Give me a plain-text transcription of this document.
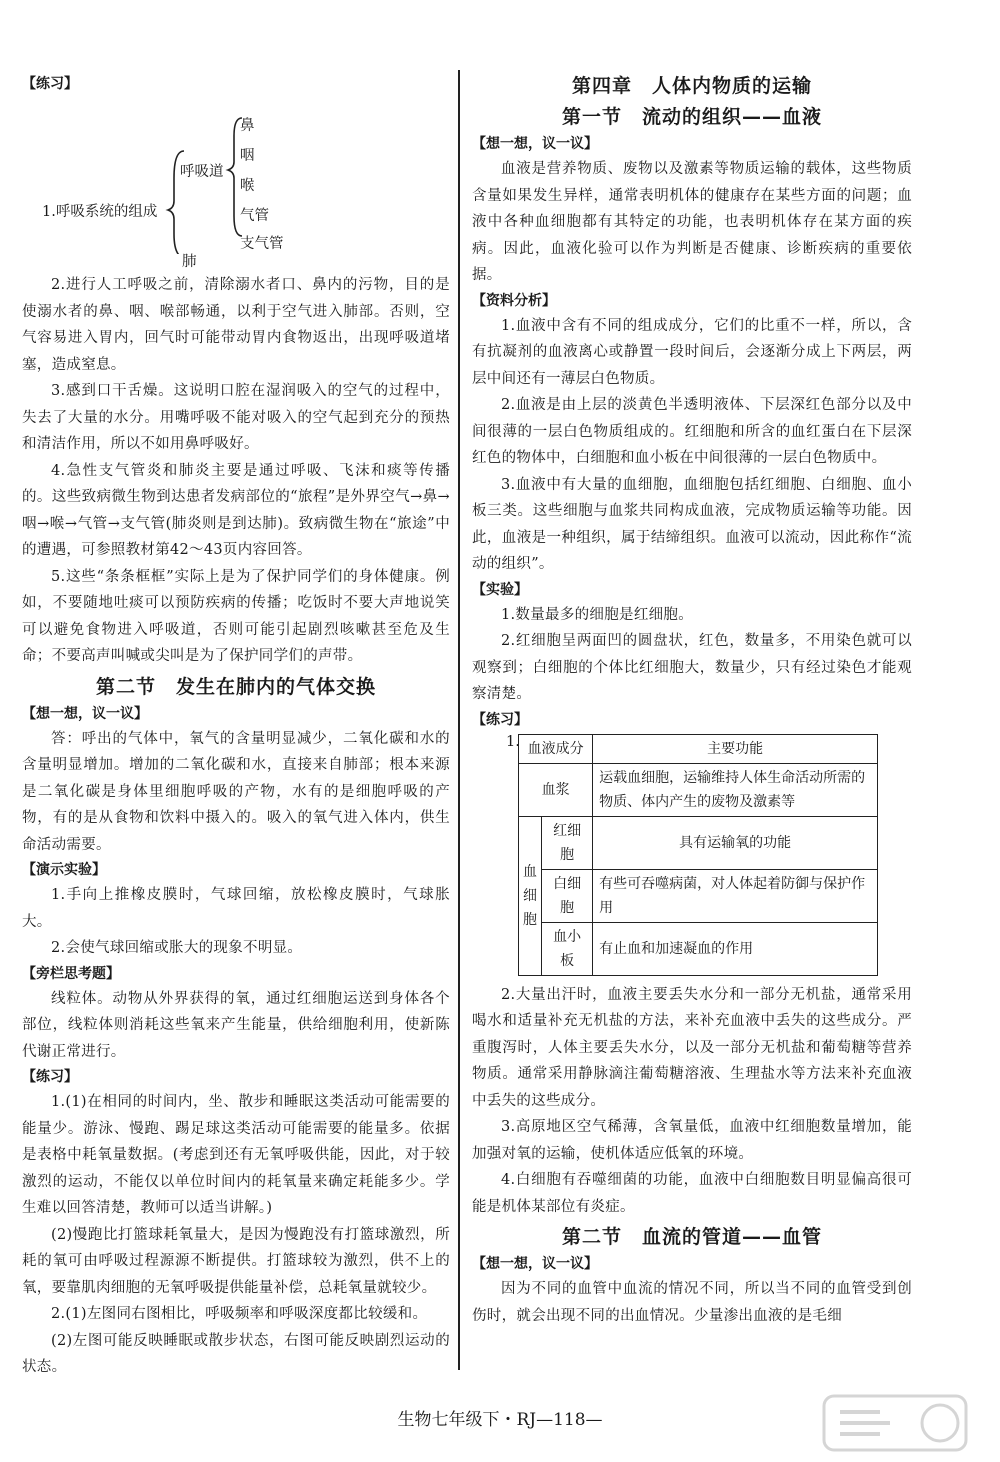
【练习】
鼻
咽
喉
气管
支气管
呼吸道
1.呼吸系统的组成
肺

2.进行人工呼吸之前，清除溺水者口、鼻内的污物，目的是使溺水者的鼻、咽、喉部畅通，以利于空气进入肺部。否则，空气容易进入胃内，回气时可能带动胃内食物返出，出现呼吸道堵塞，造成窒息。

3.感到口干舌燥。这说明口腔在湿润吸入的空气的过程中，失去了大量的水分。用嘴呼吸不能对吸入的空气起到充分的预热和清洁作用，所以不如用鼻呼吸好。

4.急性支气管炎和肺炎主要是通过呼吸、飞沫和痰等传播的。这些致病微生物到达患者发病部位的“旅程”是外界空气→鼻→咽→喉→气管→支气管(肺炎则是到达肺)。致病微生物在“旅途”中的遭遇，可参照教材第42～43页内容回答。

5.这些“条条框框”实际上是为了保护同学们的身体健康。例如，不要随地吐痰可以预防疾病的传播；吃饭时不要大声地说笑可以避免食物进入呼吸道，否则可能引起剧烈咳嗽甚至危及生命；不要高声叫喊或尖叫是为了保护同学们的声带。

第二节　发生在肺内的气体交换
【想一想，议一议】

答：呼出的气体中，氧气的含量明显减少，二氧化碳和水的含量明显增加。增加的二氧化碳和水，直接来自肺部；根本来源是二氧化碳是身体里细胞呼吸的产物，水有的是细胞呼吸的产物，有的是从食物和饮料中摄入的。吸入的氧气进入体内，供生命活动需要。

【演示实验】

1.手向上推橡皮膜时，气球回缩，放松橡皮膜时，气球胀大。

2.会使气球回缩或胀大的现象不明显。

【旁栏思考题】

线粒体。动物从外界获得的氧，通过红细胞运送到身体各个部位，线粒体则消耗这些氧来产生能量，供给细胞利用，使新陈代谢正常进行。

【练习】

1.(1)在相同的时间内，坐、散步和睡眠这类活动可能需要的能量少。游泳、慢跑、踢足球这类活动可能需要的能量多。依据是表格中耗氧量数据。(考虑到还有无氧呼吸供能，因此，对于较激烈的运动，不能仅以单位时间内的耗氧量来确定耗能多少。学生难以回答清楚，教师可以适当讲解。)

(2)慢跑比打篮球耗氧量大，是因为慢跑没有打篮球激烈，所耗的氧可由呼吸过程源源不断提供。打篮球较为激烈，供不上的氧，要靠肌肉细胞的无氧呼吸提供能量补偿，总耗氧量就较少。

2.(1)左图同右图相比，呼吸频率和呼吸深度都比较缓和。

(2)左图可能反映睡眠或散步状态，右图可能反映剧烈运动的状态。

第四章　人体内物质的运输
第一节　流动的组织——血液
【想一想，议一议】

血液是营养物质、废物以及激素等物质运输的载体，这些物质含量如果发生异样，通常表明机体的健康存在某些方面的问题；血液中各种血细胞都有其特定的功能，也表明机体存在某方面的疾病。因此，血液化验可以作为判断是否健康、诊断疾病的重要依据。

【资料分析】

1.血液中含有不同的组成成分，它们的比重不一样，所以，含有抗凝剂的血液离心或静置一段时间后，会逐渐分成上下两层，两层中间还有一薄层白色物质。

2.血液是由上层的淡黄色半透明液体、下层深红色部分以及中间很薄的一层白色物质组成的。红细胞和所含的血红蛋白在下层深红色的物体中，白细胞和血小板在中间很薄的一层白色物质中。

3.血液中有大量的血细胞，血细胞包括红细胞、白细胞、血小板三类。这些细胞与血浆共同构成血液，完成物质运输等功能。因此，血液是一种组织，属于结缔组织。血液可以流动，因此称作“流动的组织”。

【实验】

1.数量最多的细胞是红细胞。

2.红细胞呈两面凹的圆盘状，红色，数量多，不用染色就可以观察到；白细胞的个体比红细胞大，数量少，只有经过染色才能观察清楚。

【练习】
1. 血液成分		主要功能
血浆		运载血细胞，运输维持人体生命活动所需的物质、体内产生的废物及激素等
血
细
胞	红细胞	具有运输氧的功能
	白细胞	有些可吞噬病菌，对人体起着防御与保护作用
	血小板	有止血和加速凝血的作用

2.大量出汗时，血液主要丢失水分和一部分无机盐，通常采用喝水和适量补充无机盐的方法，来补充血液中丢失的这些成分。严重腹泻时，人体主要丢失水分，以及一部分无机盐和葡萄糖等营养物质。通常采用静脉滴注葡萄糖溶液、生理盐水等方法来补充血液中丢失的这些成分。

3.高原地区空气稀薄，含氧量低，血液中红细胞数量增加，能加强对氧的运输，使机体适应低氧的环境。

4.白细胞有吞噬细菌的功能，血液中白细胞数目明显偏高很可能是机体某部位有炎症。

第二节　血流的管道——血管
【想一想，议一议】

因为不同的血管中血流的情况不同，所以当不同的血管受到创伤时，就会出现不同的出血情况。少量渗出血液的是毛细

生物七年级下・RJ—118—
